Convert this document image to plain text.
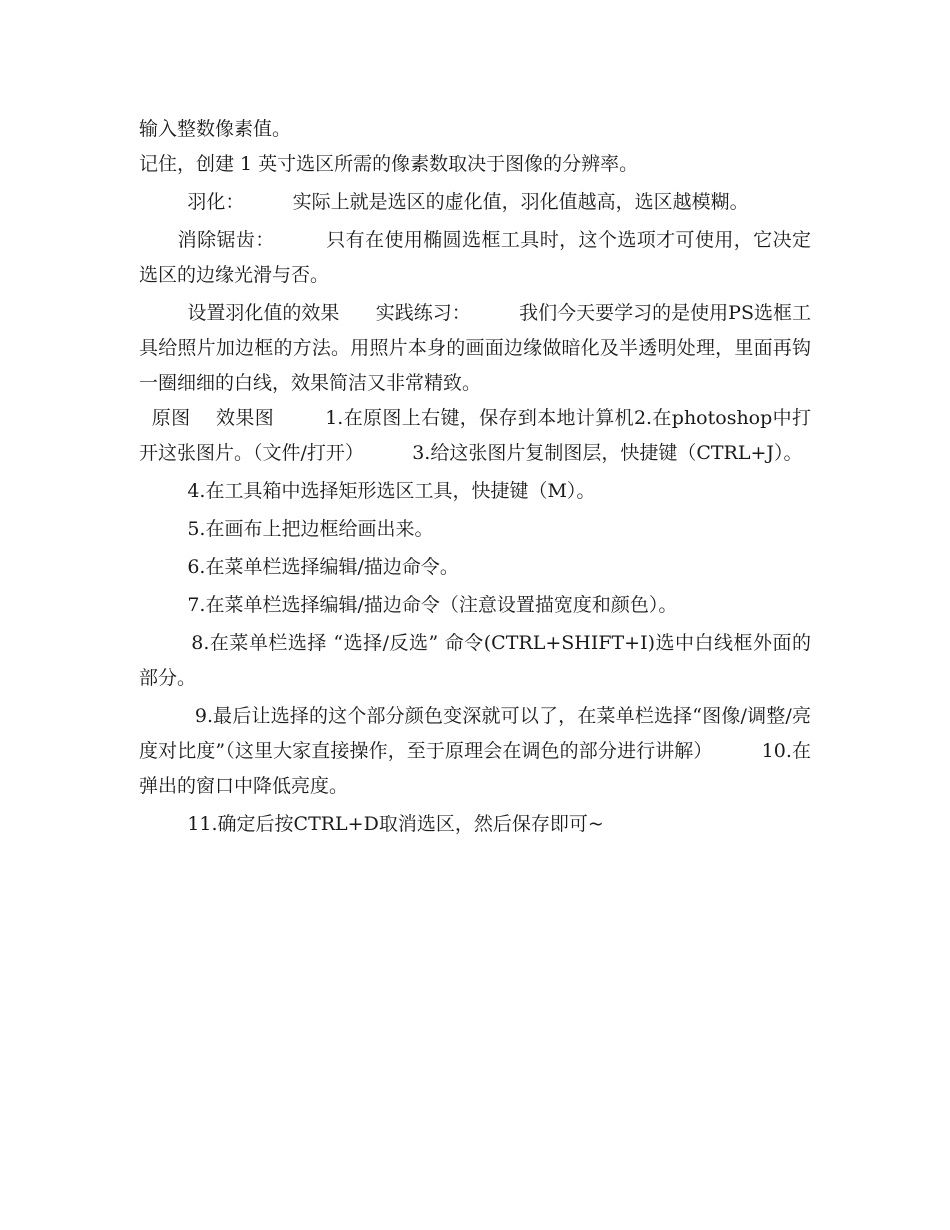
输入整数像素值。

记住，创建 1 英寸选区所需的像素数取决于图像的分辨率。

羽化：        实际上就是选区的虚化值，羽化值越高，选区越模糊。

消除锯齿：        只有在使用椭圆选框工具时，这个选项才可使用，它决定选区的边缘光滑与否。

设置羽化值的效果      实践练习：        我们今天要学习的是使用PS选框工具给照片加边框的方法。用照片本身的画面边缘做暗化及半透明处理，里面再钩一圈细细的白线，效果简洁又非常精致。

原图    效果图        1.在原图上右键，保存到本地计算机2.在photoshop中打开这张图片。（文件/打开）        3.给这张图片复制图层，快捷键（CTRL+J）。

4.在工具箱中选择矩形选区工具，快捷键（M）。

5.在画布上把边框给画出来。

6.在菜单栏选择编辑/描边命令。

7.在菜单栏选择编辑/描边命令（注意设置描宽度和颜色）。

8.在菜单栏选择 “选择/反选” 命令(CTRL+SHIFT+I)选中白线框外面的部分。

9.最后让选择的这个部分颜色变深就可以了，在菜单栏选择“图像/调整/亮度对比度”（这里大家直接操作，至于原理会在调色的部分进行讲解）        10.在弹出的窗口中降低亮度。

11.确定后按CTRL+D取消选区，然后保存即可~
